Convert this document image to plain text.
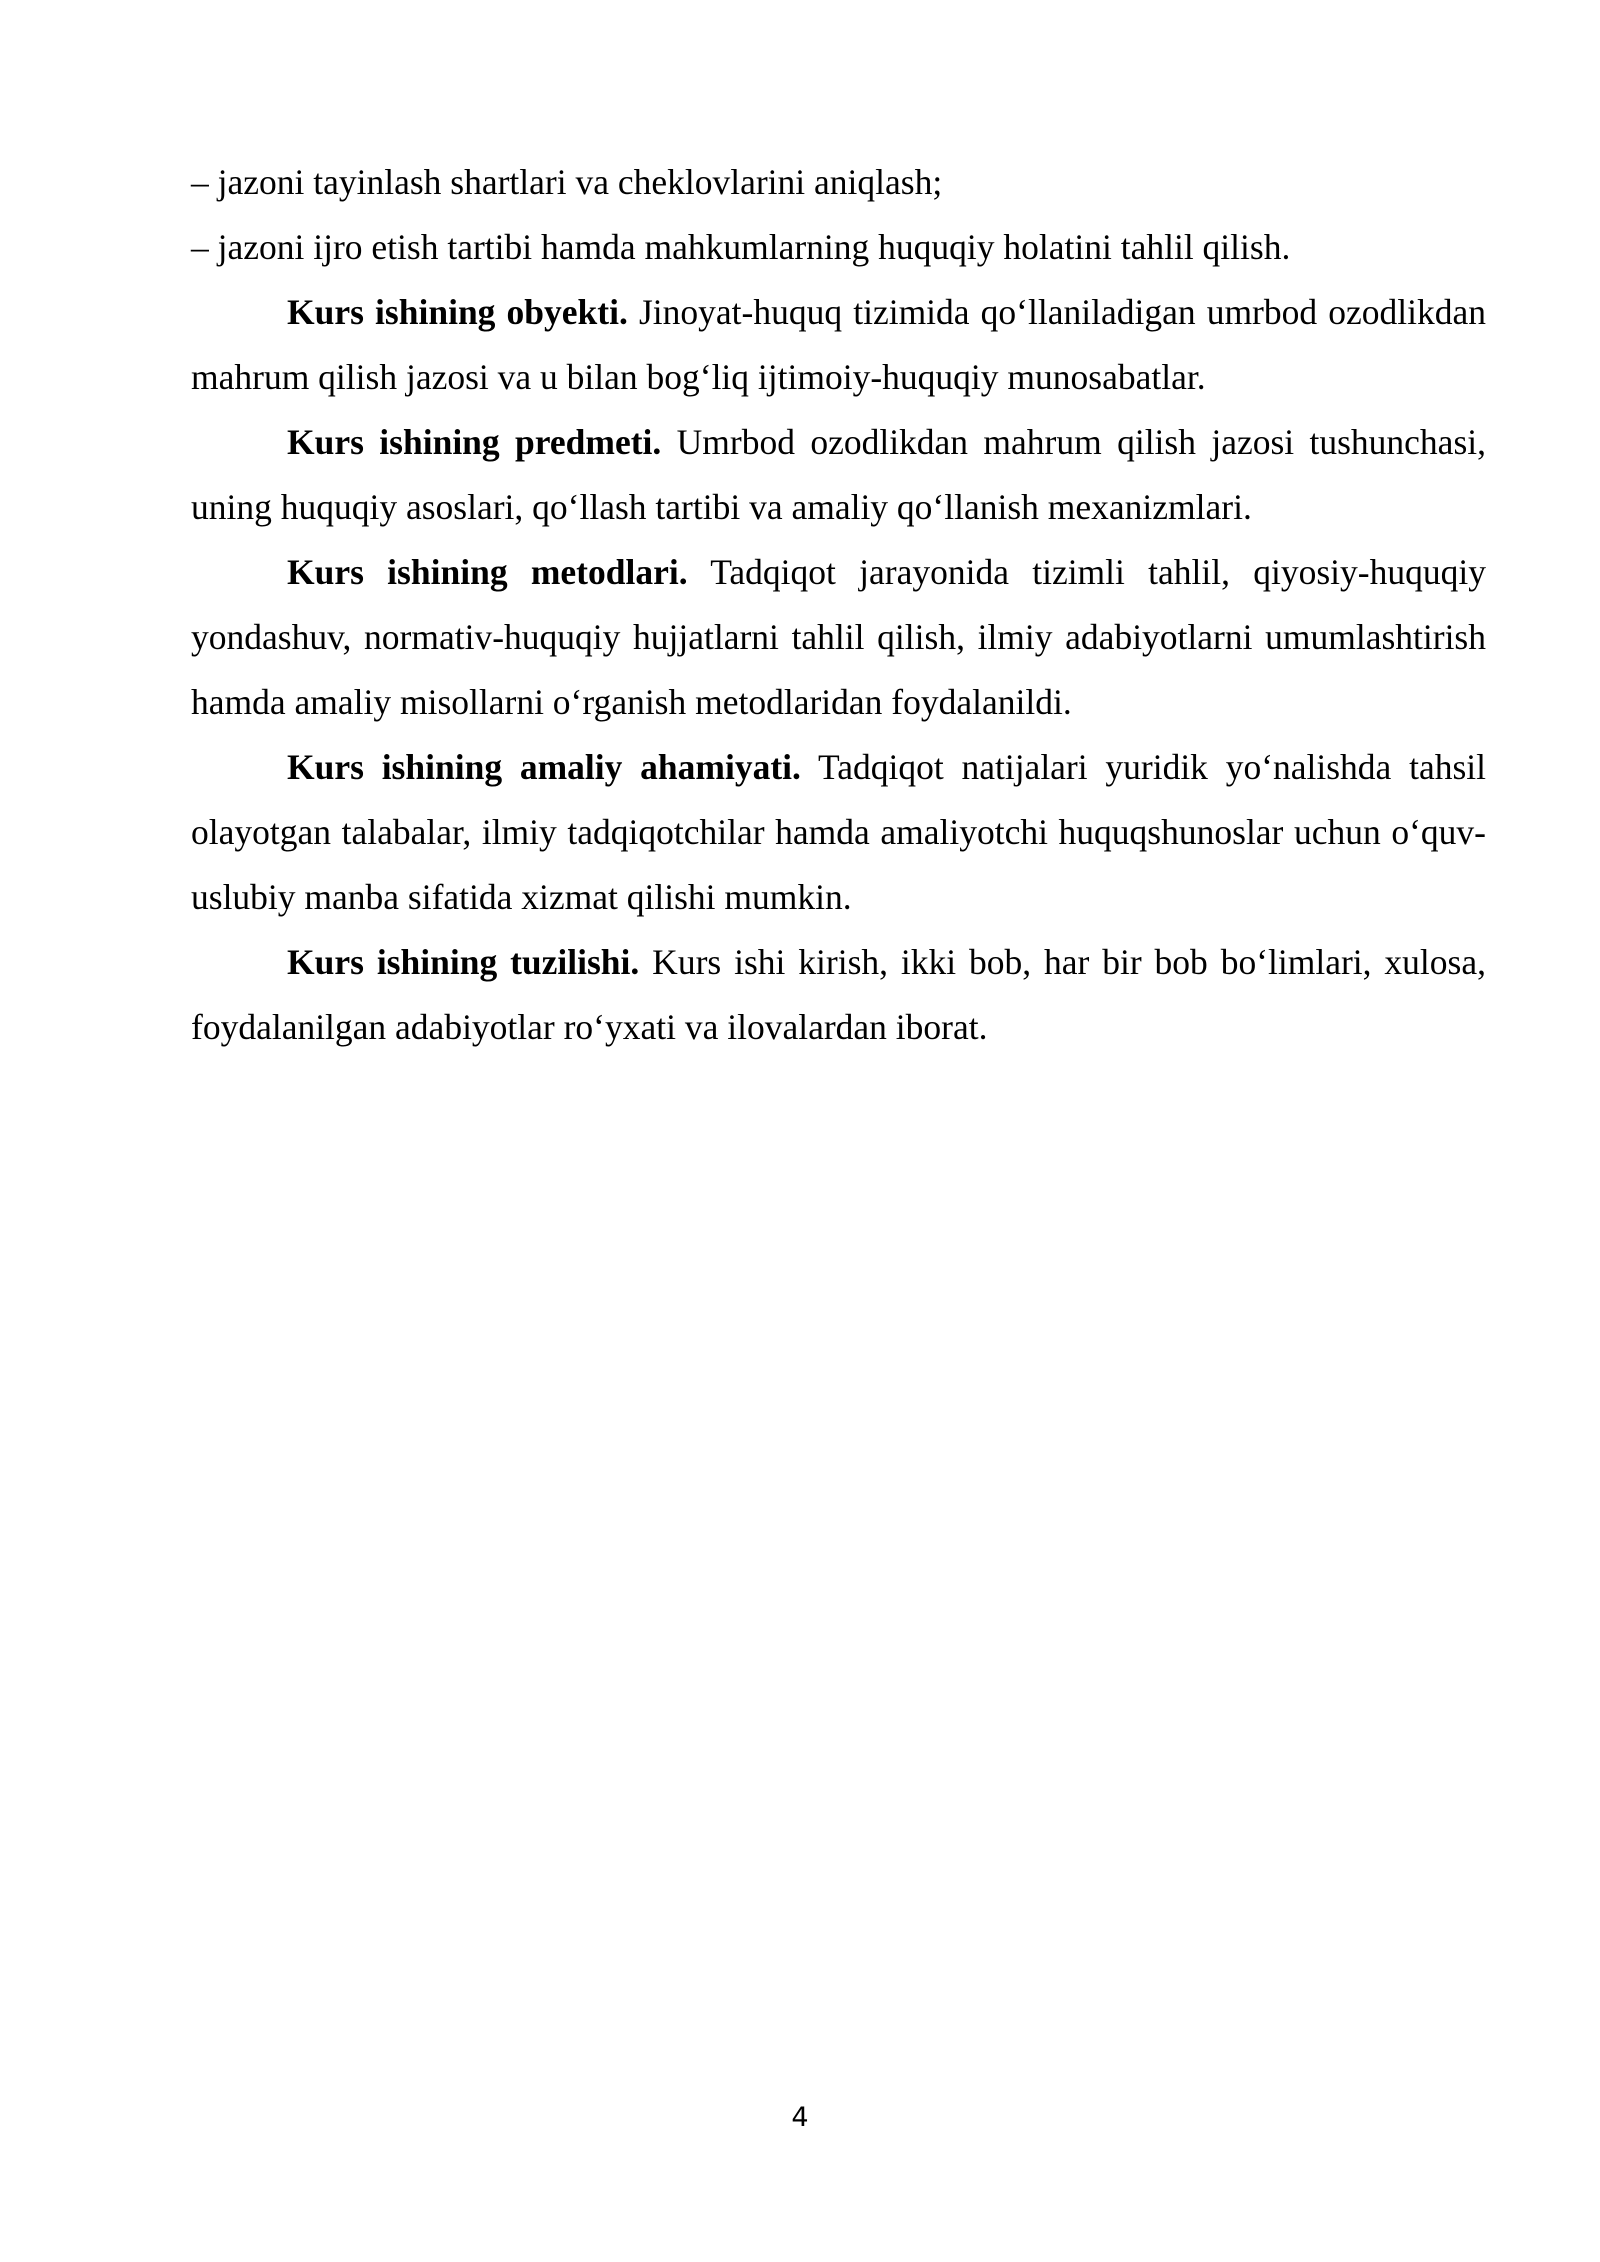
– jazoni tayinlash shartlari va cheklovlarini aniqlash;

– jazoni ijro etish tartibi hamda mahkumlarning huquqiy holatini tahlil qilish.

Kurs ishining obyekti. Jinoyat-huquq tizimida qoʻllaniladigan umrbod ozodlikdan mahrum qilish jazosi va u bilan bogʻliq ijtimoiy-huquqiy munosabatlar.

Kurs ishining predmeti. Umrbod ozodlikdan mahrum qilish jazosi tushunchasi, uning huquqiy asoslari, qoʻllash tartibi va amaliy qoʻllanish mexanizmlari.

Kurs ishining metodlari. Tadqiqot jarayonida tizimli tahlil, qiyosiy-huquqiy yondashuv, normativ-huquqiy hujjatlarni tahlil qilish, ilmiy adabiyotlarni umumlashtirish hamda amaliy misollarni oʻrganish metodlaridan foydalanildi.

Kurs ishining amaliy ahamiyati. Tadqiqot natijalari yuridik yoʻnalishda tahsil olayotgan talabalar, ilmiy tadqiqotchilar hamda amaliyotchi huquqshunoslar uchun oʻquv-uslubiy manba sifatida xizmat qilishi mumkin.

Kurs ishining tuzilishi. Kurs ishi kirish, ikki bob, har bir bob boʻlimlari, xulosa, foydalanilgan adabiyotlar roʻyxati va ilovalardan iborat.

4
